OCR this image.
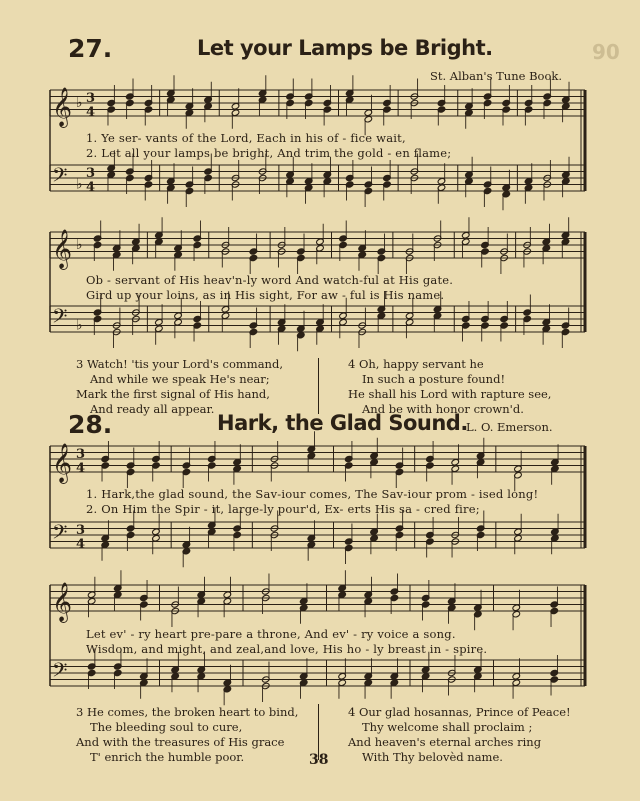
𝄞 ♭ 3
4
𝄢 ♭
3
4
𝄞 ♭
𝄢 ♭
𝄞 3
4
𝄢 3
4
𝄞
𝄢
27.	Let your Lamps be Bright.	90
St. Alban's Tune Book.
1. Ye ser- vants of the Lord, Each in his of - fice wait,
2. Let all your lamps be bright, And trim the gold - en flame;
Ob - servant of His heav'n-ly word And watch-ful at His gate.
Gird up your loins, as in His sight, For aw - ful is His name.
3 Watch! 'tis your Lord's command,
And while we speak He's near;
Mark the first signal of His hand,
And ready all appear.
4 Oh, happy servant he
In such a posture found!
He shall his Lord with rapture see,
And be with honor crown'd.
28.	Hark, the Glad Sound.
L. O. Emerson.
1. Hark,the glad sound, the Sav-iour comes, The Sav-iour prom - ised long!
2. On Him the Spir - it, large-ly pour'd, Ex- erts His sa - cred fire;
Let ev' - ry heart pre-pare a throne, And ev' - ry voice a song.
Wisdom, and might, and zeal,and love, His ho - ly breast in - spire.
3 He comes, the broken heart to bind,
The bleeding soul to cure,
And with the treasures of His grace
T' enrich the humble poor.
4 Our glad hosannas, Prince of Peace!
Thy welcome shall proclaim ;
And heaven's eternal arches ring
With Thy belovèd name.
38
